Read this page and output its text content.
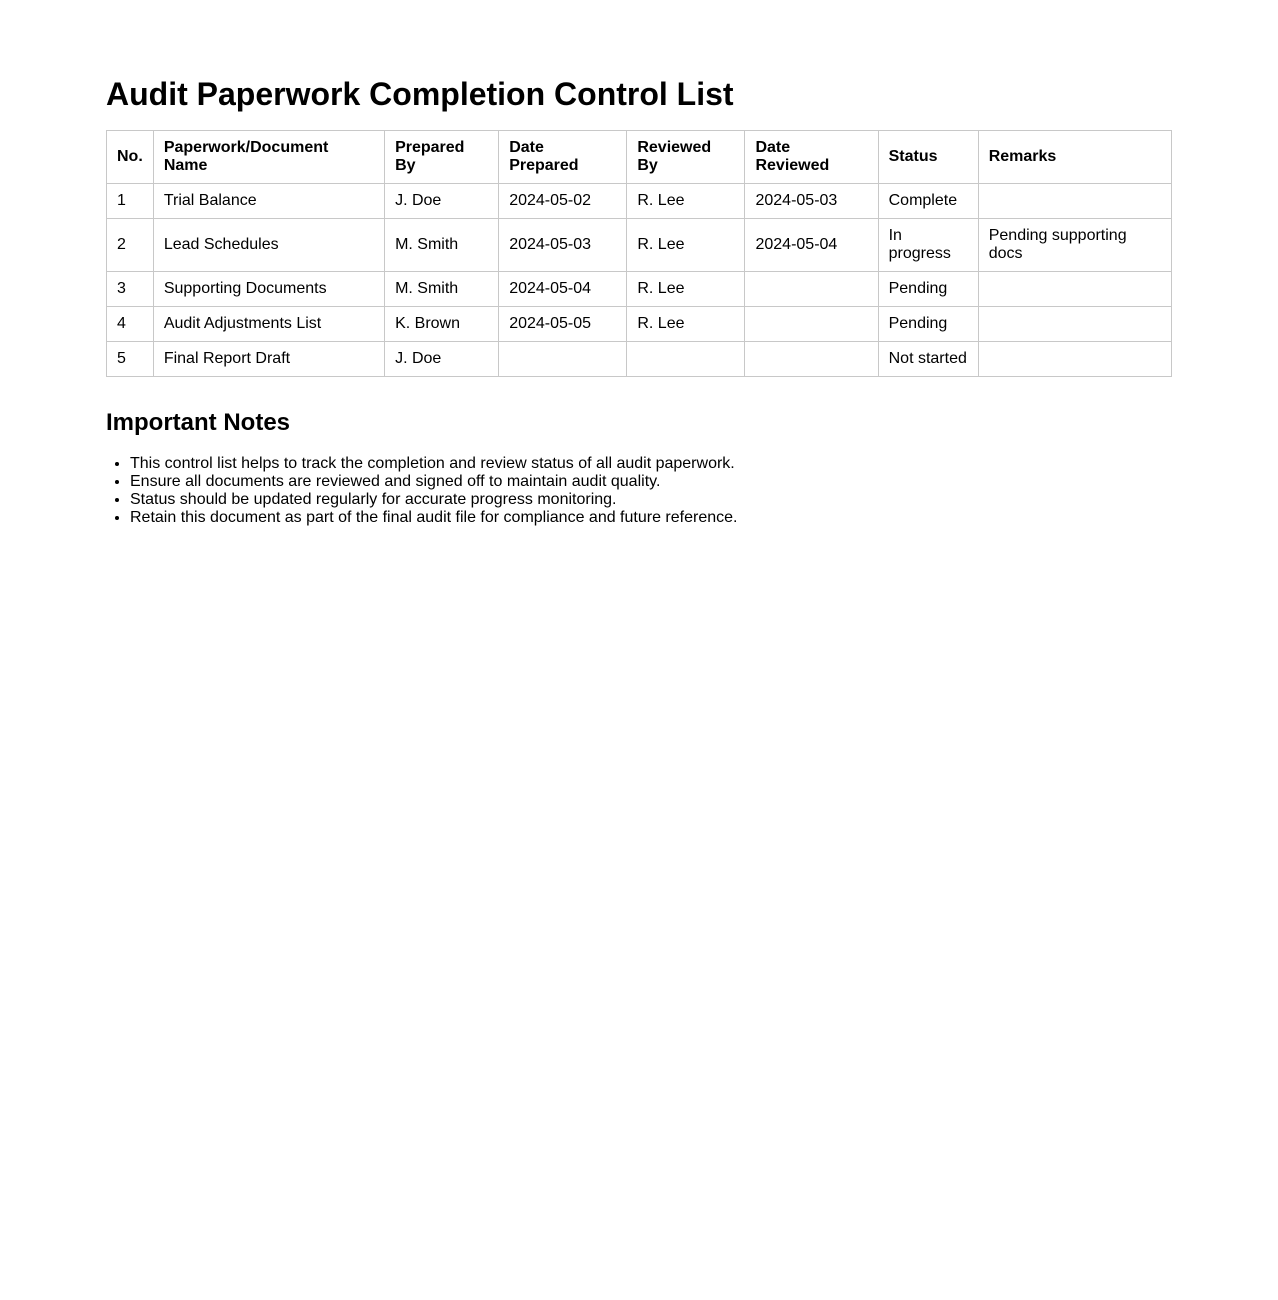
Audit Paperwork Completion Control List
No.	Paperwork/Document Name	Prepared By	Date Prepared	Reviewed By	Date Reviewed	Status	Remarks
1	Trial Balance	J. Doe	2024-05-02	R. Lee	2024-05-03	Complete	
2	Lead Schedules	M. Smith	2024-05-03	R. Lee	2024-05-04	In progress	Pending supporting docs
3	Supporting Documents	M. Smith	2024-05-04	R. Lee		Pending	
4	Audit Adjustments List	K. Brown	2024-05-05	R. Lee		Pending	
5	Final Report Draft	J. Doe				Not started	
Important Notes
• This control list helps to track the completion and review status of all audit paperwork.
• Ensure all documents are reviewed and signed off to maintain audit quality.
• Status should be updated regularly for accurate progress monitoring.
• Retain this document as part of the final audit file for compliance and future reference.
